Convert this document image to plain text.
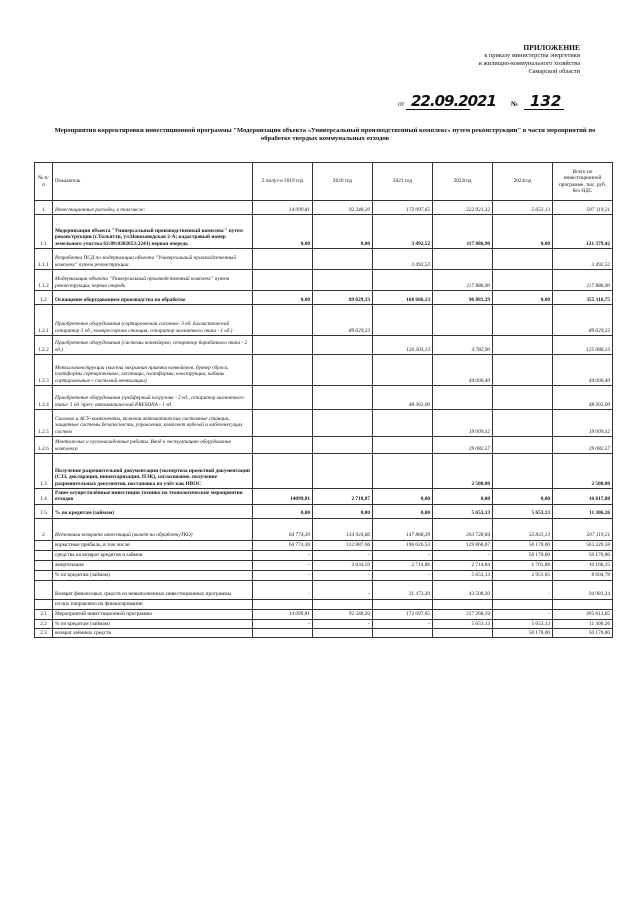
ПРИЛОЖЕНИЕ
к приказу министерства энергетики
и жилищно-коммунального хозяйства
Самарской области
от 22.09.2021 № 132
Мероприятия корректировки инвестиционной программы "Модернизация объекта «Универсальный производственный комплекс» путем реконструкции" в части мероприятий по обработке твердых коммунальных отходов
№ п/п	Показатель	2 полуг-е 2019 год	2020 год	2021 год	2022год	2023год	Всего по инвестиционной программе, тыс. руб. без НДС
1	Инвестиционные расходы, в том числе:	14 099,81	92 348,20	172 097,65	222 921,32	5 653,13	507 119,21
1.1	Модернизация объекта "Универсальный производственный комплекс" путем реконструкции (г.Тольятти, ул.Новозаводская 2-А; кадастровый номер земельного участка 63:09:0302053:2243) первая очередь	0,00	0,00	3 492,52	117 886,90	0,00	121 379,42
1.1.1	Разработка ПСД по модернизации объекта "Универсальный производственный комплекс" путем реконструкции			3 492,52			3 492,52
1.1.2	Модернизация объекта "Универсальный производственный комплекс" путем реконструкции, первая очередь				117 886,90		117 886,90
1.2	Оснащение оборудованием производства по обработке	0,00	89 629,33	168 606,13	96 881,29	0,00	355 116,75
1.2.1	Приобретение оборудования (сортировочная система- 3 ед. баллистический сепаратор 3 ед., компрессорная станция, сепаратор магнитного типа - 1 ед.)		89 629,33				89 629,33
1.2.2	Приобретение оборудования (системы конвейеров; сепаратор барабанного типа - 2 ед.)			120 303,13	4 782,90		125 086,13
1.2.3	Металлоконструкции (высты закрытия приямка конвейеров, бункер сброса, платформы сортировочные, лестницы, платформы, конструкции, кабины сортировочные с системой вентиляции)				44 006,40		44 006,40
1.2.4	Приобретение оборудования (грейферный погрузчик - 2 ед., сепаратор магнитного типа- 1 ед. пресс автоматический PRESONA - 1 ед.			48 302,00			48 302,00
1.2.5	Силовые и АСУ-компоненты, включая автоматические системные станции, защитные системы безопасности, управления, комплект кабелей и кабеленесущих систем				19 009,32		19 009,32
1.2.6	Монтажные и пусконаладочные работы. Ввод в эксплуатацию оборудования комплекса				29 082,57		29 082,57
1.3	Получение разрешительной документации (экспертиза проектной документации (СЗЗ, декларация, инвентаризация, ПЭК), согласование, получение разрешительных документов, постановка на учёт как НВОС				2 500,00		2 500,00
1.4	Ранее осуществлённые инвестиции технико на технологические мероприятия отходов	14099,81	2 718,87	0,00	0,00	0,00	16 817,88
1.5	% по кредитам (займам)	0,00	0,00	0,00	5 653,13	5 653,13	11 306,26
2	Источники возврата инвестиций (вычет на обработкуТКО)	64 774,30	134 924,66	147 868,39	203 728,84	55 823,13	507 119,21
	корыстные прибыль, в том числе:	64 774,30	132 887,66	196 026,53	129 860,07	50 170,00	563 329,58
	средства на возврат кредитов и займов	-	-	-	-	50 170,00	50 170,00
	амортизация	-	2 034,59	2 714,86	2 714,84	1 701,88	10 166,15
	% по кредитам (займам)	-	-	-	5 653,13	2 951,65	8 604,78
	Возврат финансовых средств из невыполненных инвестиционных программы	-	-	31 473,20	43 508,20	-	94 981,24
	из них направлено на финансирование:						
2.1	Мероприятий инвестиционной программы	14 099,81	92 348,20	172 097,65	217 268,19	-	495 813,05
2.2	% по кредитам (займам)	-	-	-	5 653,13	5 653,13	11 306,26
2.3	возврат заёмных средств					50 170,00	50 170,00
